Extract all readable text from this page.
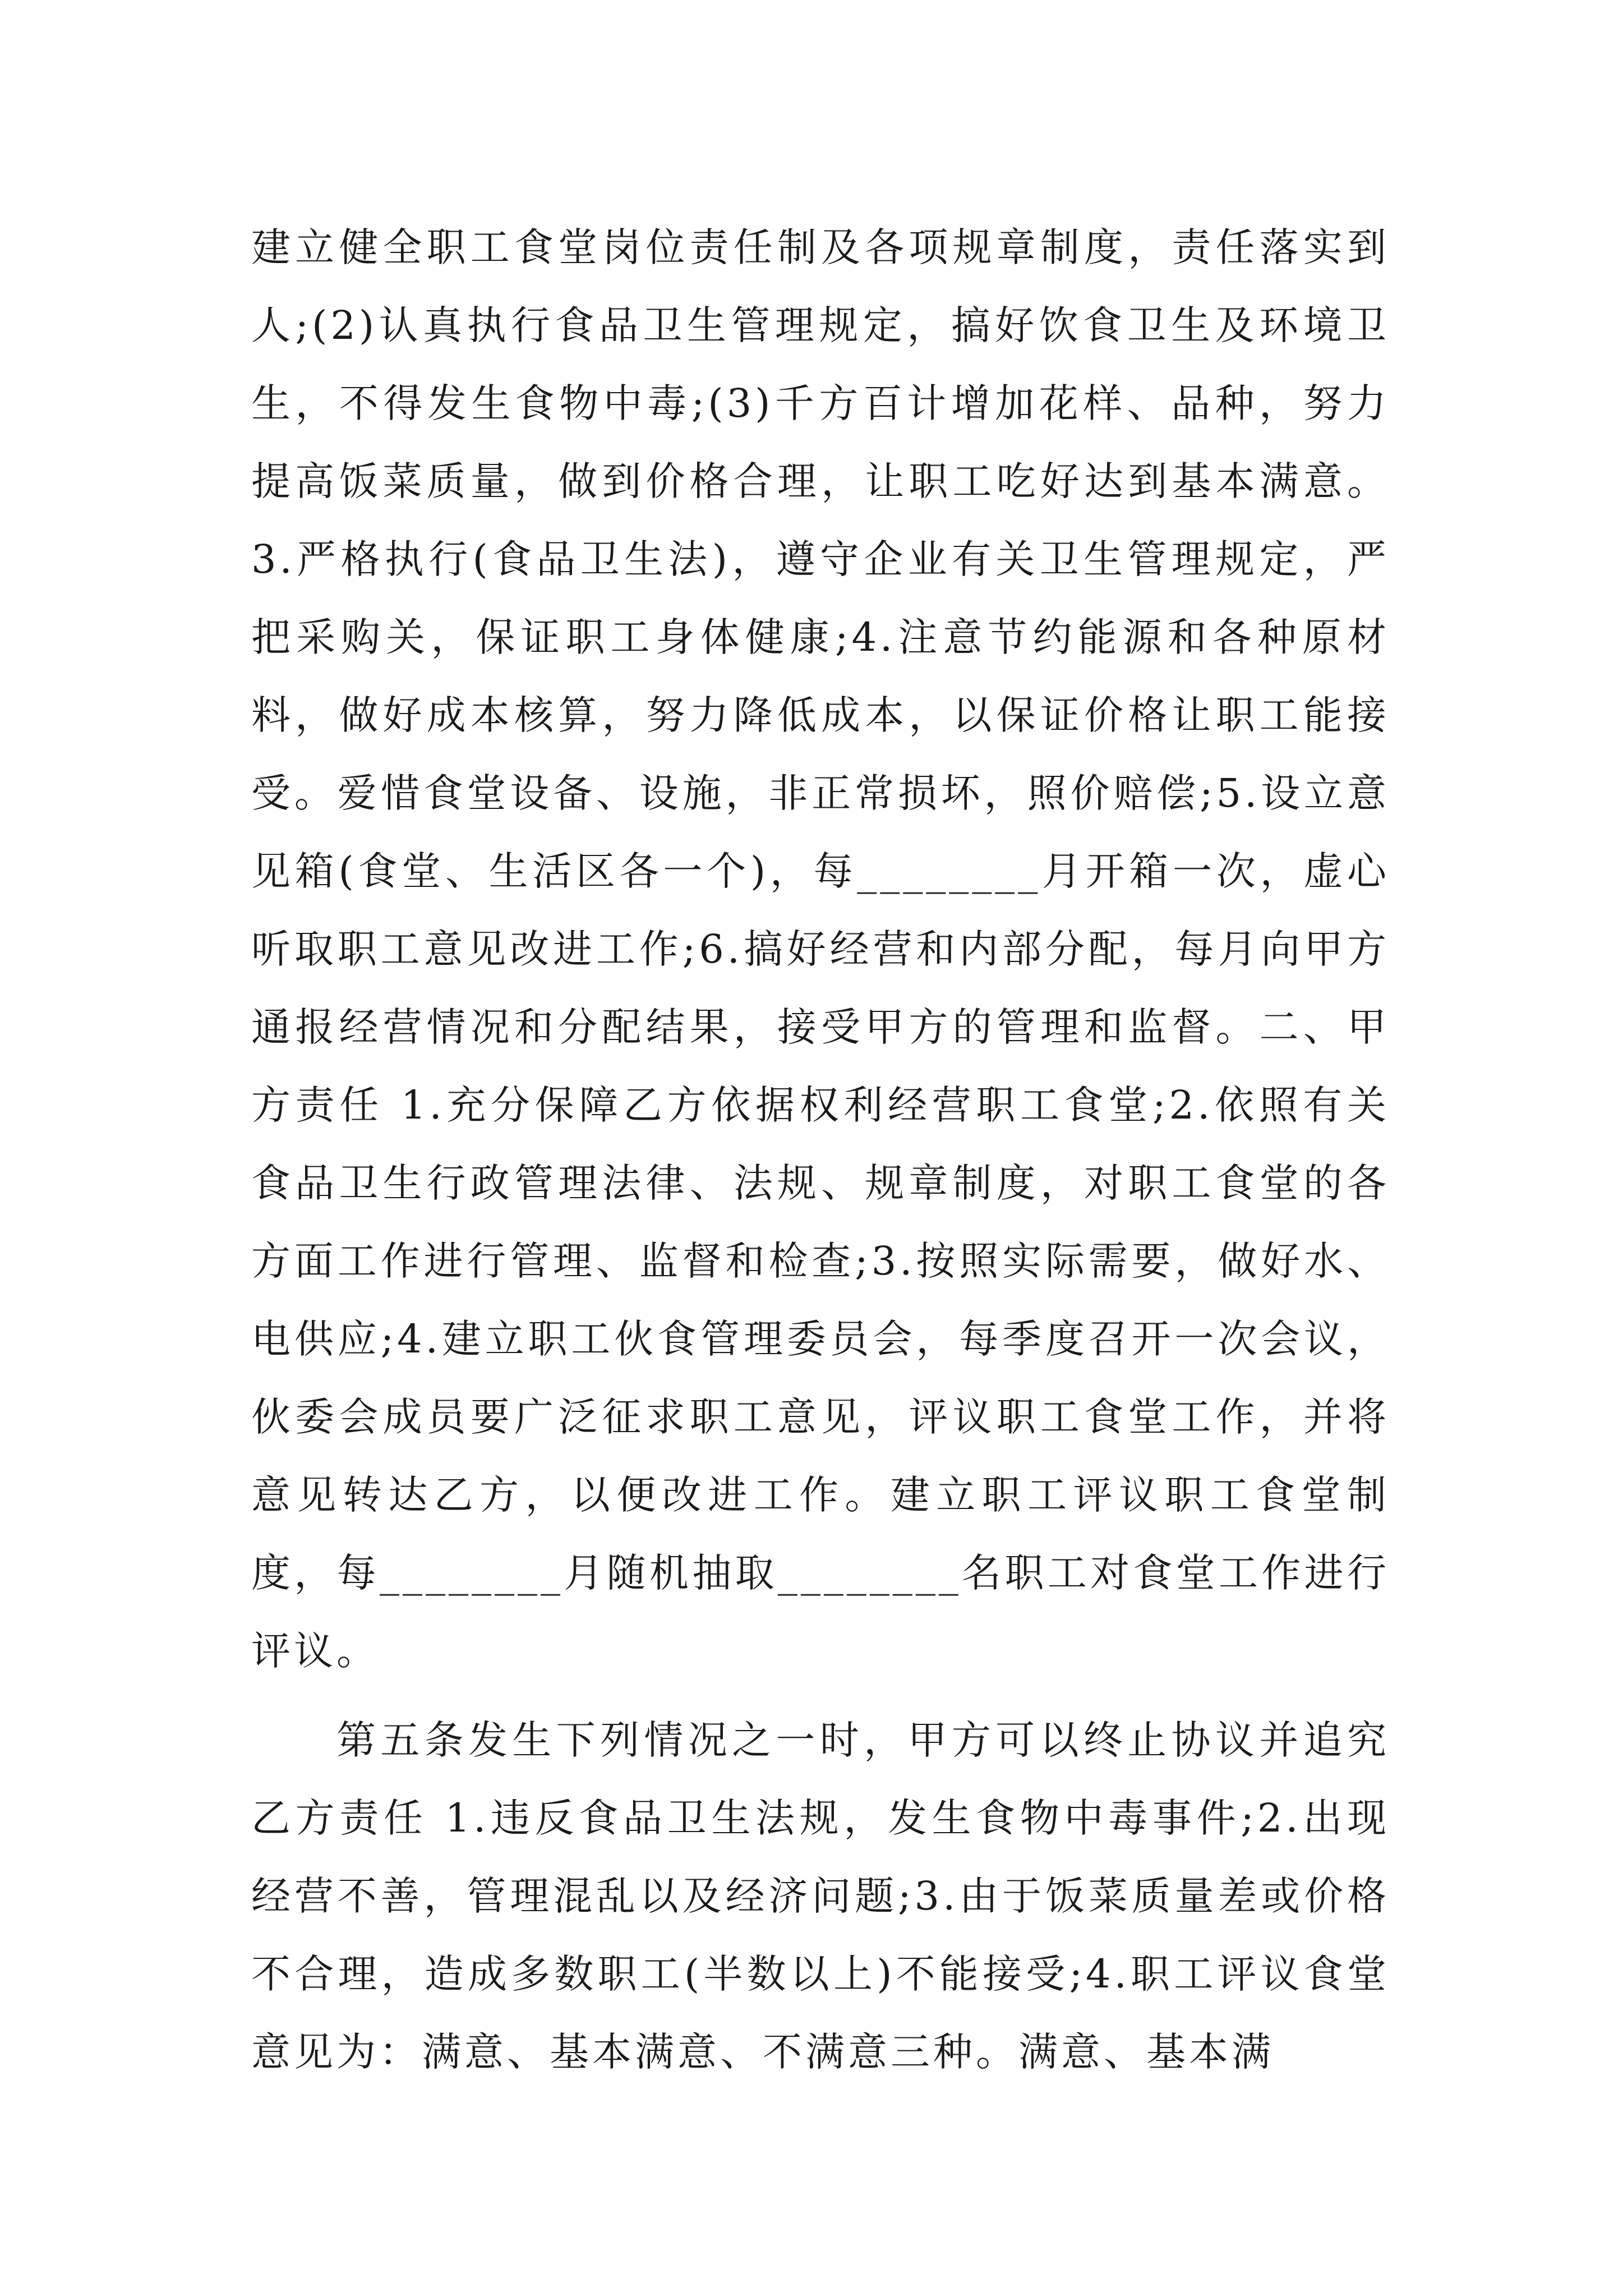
建立健全职工食堂岗位责任制及各项规章制度，责任落实到人;(2)认真执行食品卫生管理规定，搞好饮食卫生及环境卫生，不得发生食物中毒;(3)千方百计增加花样、品种，努力提高饭菜质量，做到价格合理，让职工吃好达到基本满意。3.严格执行(食品卫生法)，遵守企业有关卫生管理规定，严把采购关，保证职工身体健康;4.注意节约能源和各种原材料，做好成本核算，努力降低成本，以保证价格让职工能接受。爱惜食堂设备、设施，非正常损坏，照价赔偿;5.设立意见箱(食堂、生活区各一个)，每________月开箱一次，虚心听取职工意见改进工作;6.搞好经营和内部分配，每月向甲方通报经营情况和分配结果，接受甲方的管理和监督。二、甲方责任 1.充分保障乙方依据权利经营职工食堂;2.依照有关食品卫生行政管理法律、法规、规章制度，对职工食堂的各方面工作进行管理、监督和检查;3.按照实际需要，做好水、电供应;4.建立职工伙食管理委员会，每季度召开一次会议，伙委会成员要广泛征求职工意见，评议职工食堂工作，并将意见转达乙方，以便改进工作。建立职工评议职工食堂制度，每________月随机抽取________名职工对食堂工作进行评议。

第五条发生下列情况之一时，甲方可以终止协议并追究乙方责任 1.违反食品卫生法规，发生食物中毒事件;2.出现经营不善，管理混乱以及经济问题;3.由于饭菜质量差或价格不合理，造成多数职工(半数以上)不能接受;4.职工评议食堂意见为：满意、基本满意、不满意三种。满意、基本满
